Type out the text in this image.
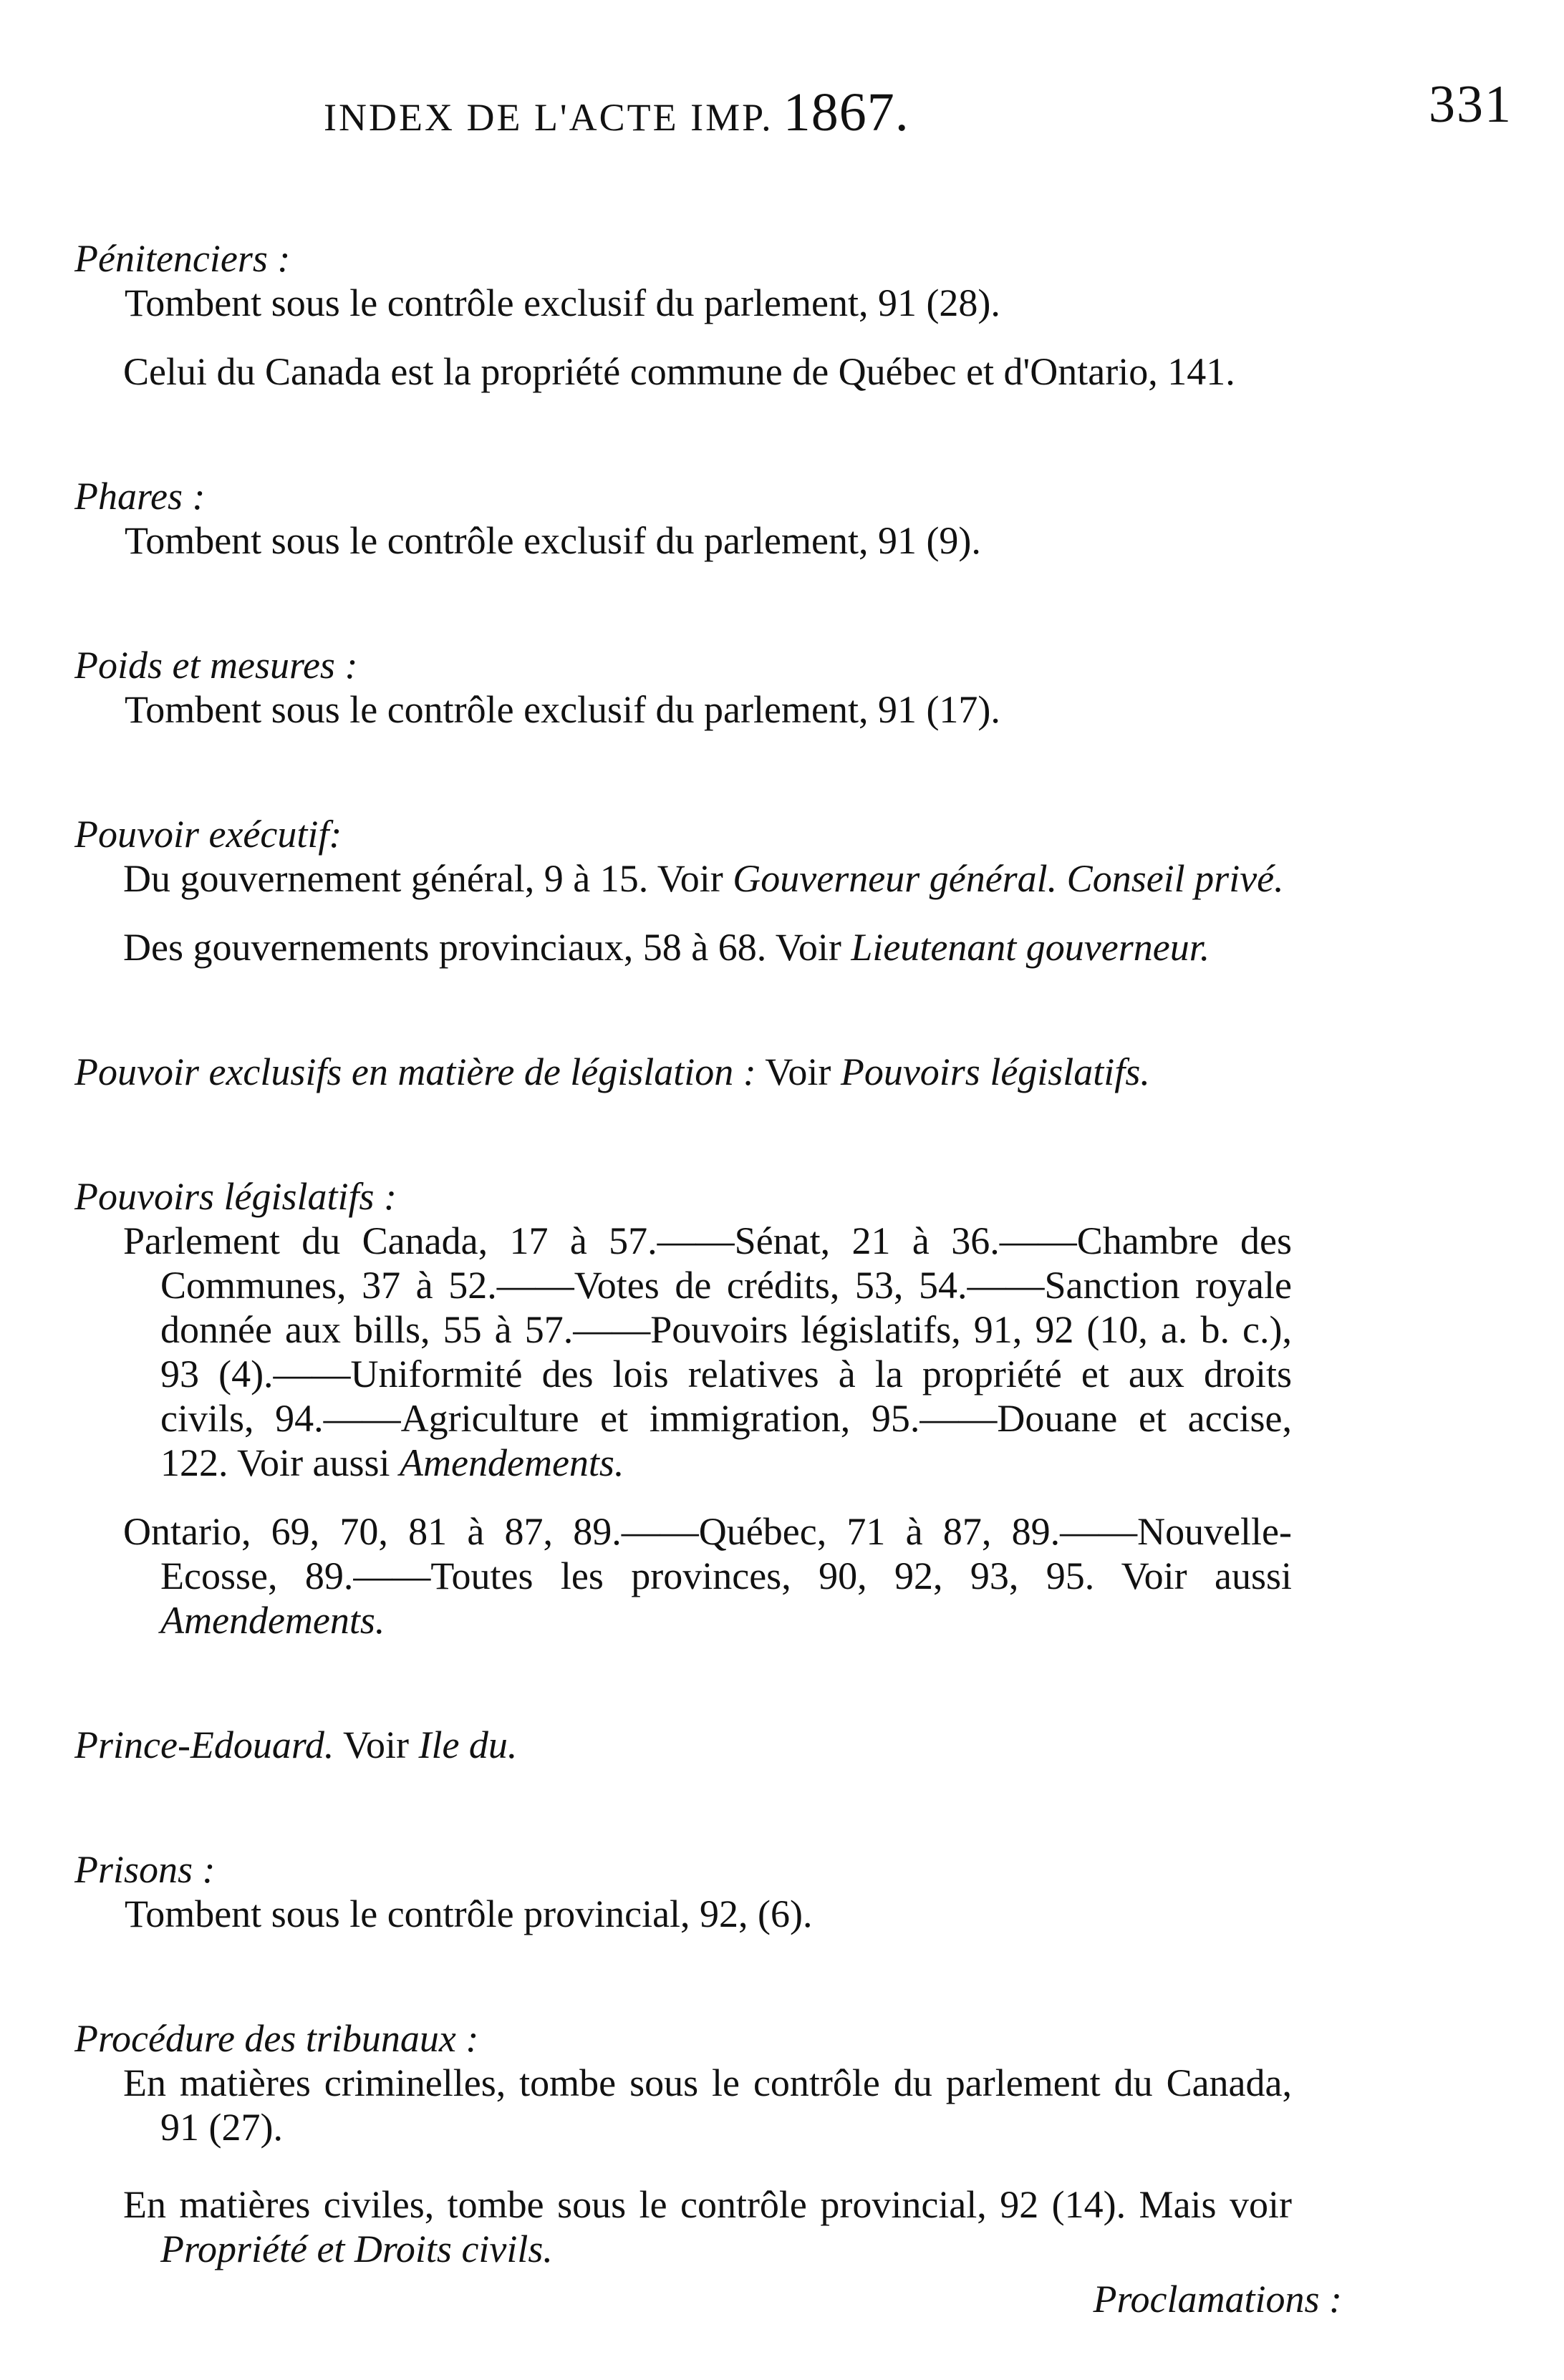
INDEX DE L'ACTE IMP. 1867.	331

Pénitenciers :

Tombent sous le contrôle exclusif du parlement, 91 (28).

Celui du Canada est la propriété commune de Québec et d'Ontario, 141.

Phares :

Tombent sous le contrôle exclusif du parlement, 91 (9).

Poids et mesures :

Tombent sous le contrôle exclusif du parlement, 91 (17).

Pouvoir exécutif:

Du gouvernement général, 9 à 15. Voir Gouverneur général. Conseil privé.

Des gouvernements provinciaux, 58 à 68. Voir Lieutenant gouverneur.

Pouvoir exclusifs en matière de législation : Voir Pouvoirs législatifs.

Pouvoirs législatifs :

Parlement du Canada, 17 à 57.——Sénat, 21 à 36.——Chambre des Communes, 37 à 52.——Votes de crédits, 53, 54.——Sanction royale donnée aux bills, 55 à 57.——Pouvoirs législatifs, 91, 92 (10, a. b. c.), 93 (4).——Uniformité des lois relatives à la propriété et aux droits civils, 94.——Agriculture et immigration, 95.——Douane et accise, 122. Voir aussi Amendements.

Ontario, 69, 70, 81 à 87, 89.——Québec, 71 à 87, 89.——Nouvelle-Ecosse, 89.——Toutes les provinces, 90, 92, 93, 95. Voir aussi Amendements.

Prince-Edouard. Voir Ile du.

Prisons :

Tombent sous le contrôle provincial, 92, (6).

Procédure des tribunaux :

En matières criminelles, tombe sous le contrôle du parlement du Canada, 91 (27).

En matières civiles, tombe sous le contrôle provincial, 92 (14). Mais voir Propriété et Droits civils.

Proclamations :
